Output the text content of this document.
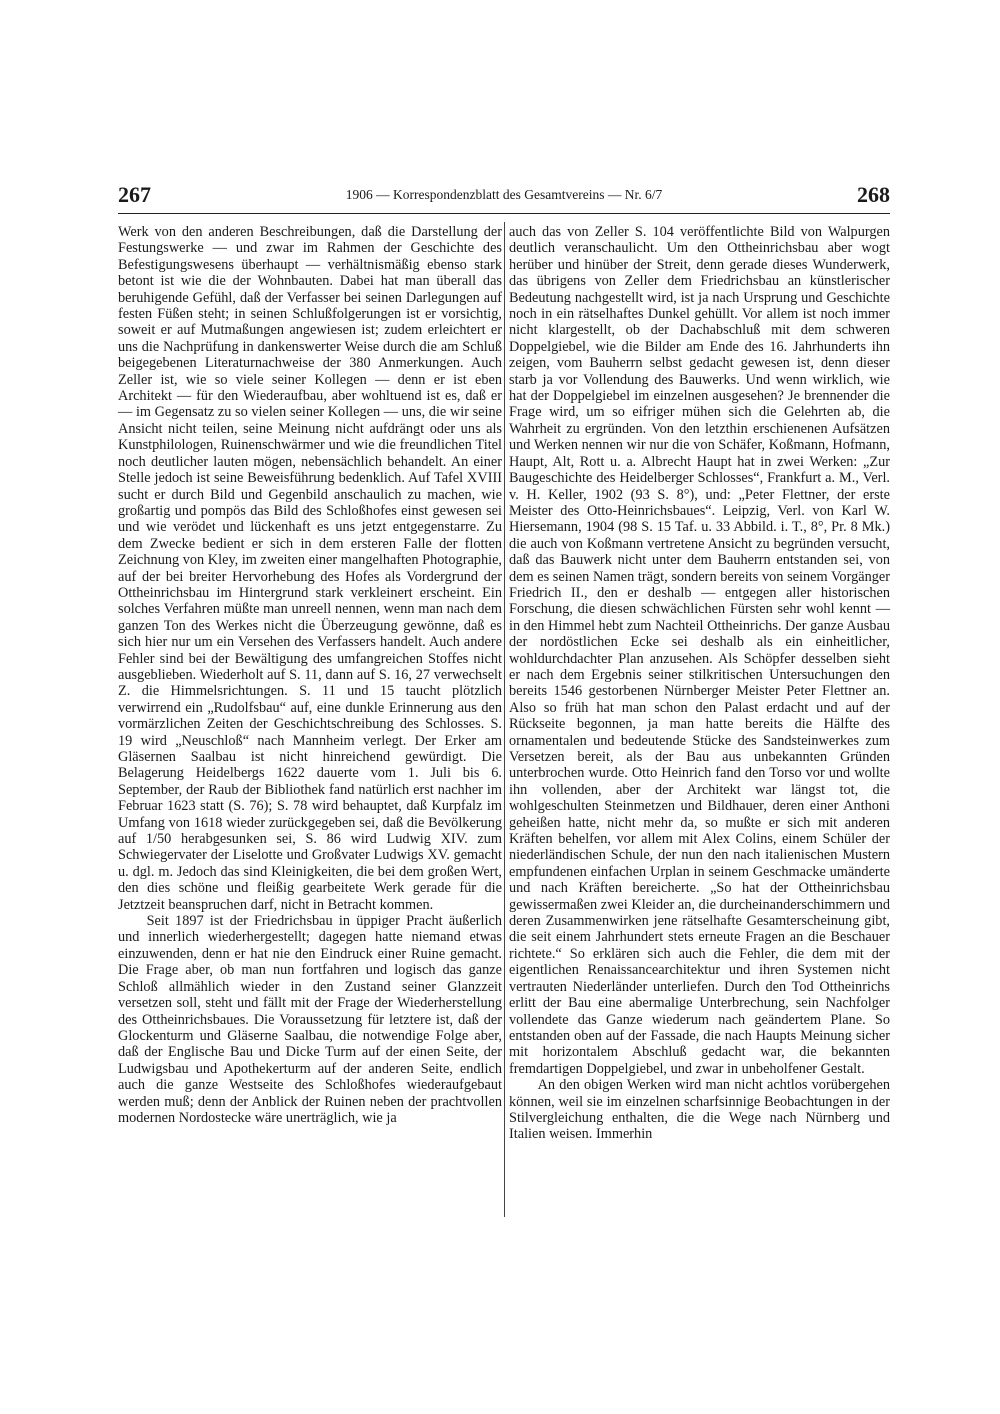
267	1906 — Korrespondenzblatt des Gesamtvereins — Nr. 6/7	268

Werk von den anderen Beschreibungen, daß die Darstellung der Festungswerke — und zwar im Rahmen der Geschichte des Befestigungswesens überhaupt — verhältnismäßig ebenso stark betont ist wie die der Wohnbauten. Dabei hat man überall das beruhigende Gefühl, daß der Verfasser bei seinen Darlegungen auf festen Füßen steht; in seinen Schlußfolgerungen ist er vorsichtig, soweit er auf Mutmaßungen angewiesen ist; zudem erleichtert er uns die Nachprüfung in dankenswerter Weise durch die am Schluß beigegebenen Literaturnachweise der 380 Anmerkungen. Auch Zeller ist, wie so viele seiner Kollegen — denn er ist eben Architekt — für den Wiederaufbau, aber wohltuend ist es, daß er — im Gegensatz zu so vielen seiner Kollegen — uns, die wir seine Ansicht nicht teilen, seine Meinung nicht aufdrängt oder uns als Kunstphilologen, Ruinenschwärmer und wie die freundlichen Titel noch deutlicher lauten mögen, nebensächlich behandelt. An einer Stelle jedoch ist seine Beweisführung bedenklich. Auf Tafel XVIII sucht er durch Bild und Gegenbild anschaulich zu machen, wie großartig und pompös das Bild des Schloßhofes einst gewesen sei und wie verödet und lückenhaft es uns jetzt entgegenstarre. Zu dem Zwecke bedient er sich in dem ersteren Falle der flotten Zeichnung von Kley, im zweiten einer mangelhaften Photographie, auf der bei breiter Hervorhebung des Hofes als Vordergrund der Ottheinrichsbau im Hintergrund stark verkleinert erscheint. Ein solches Verfahren müßte man unreell nennen, wenn man nach dem ganzen Ton des Werkes nicht die Überzeugung gewönne, daß es sich hier nur um ein Versehen des Verfassers handelt. Auch andere Fehler sind bei der Bewältigung des umfangreichen Stoffes nicht ausgeblieben. Wiederholt auf S. 11, dann auf S. 16, 27 verwechselt Z. die Himmelsrichtungen. S. 11 und 15 taucht plötzlich verwirrend ein „Rudolfsbau“ auf, eine dunkle Erinnerung aus den vormärzlichen Zeiten der Geschichtschreibung des Schlosses. S. 19 wird „Neuschloß“ nach Mannheim verlegt. Der Erker am Gläsernen Saalbau ist nicht hinreichend gewürdigt. Die Belagerung Heidelbergs 1622 dauerte vom 1. Juli bis 6. September, der Raub der Bibliothek fand natürlich erst nachher im Februar 1623 statt (S. 76); S. 78 wird behauptet, daß Kurpfalz im Umfang von 1618 wieder zurückgegeben sei, daß die Bevölkerung auf 1/50 herabgesunken sei, S. 86 wird Ludwig XIV. zum Schwiegervater der Liselotte und Großvater Ludwigs XV. gemacht u. dgl. m. Jedoch das sind Kleinigkeiten, die bei dem großen Wert, den dies schöne und fleißig gearbeitete Werk gerade für die Jetztzeit beanspruchen darf, nicht in Betracht kommen.

Seit 1897 ist der Friedrichsbau in üppiger Pracht äußerlich und innerlich wiederhergestellt; dagegen hatte niemand etwas einzuwenden, denn er hat nie den Eindruck einer Ruine gemacht. Die Frage aber, ob man nun fortfahren und logisch das ganze Schloß allmählich wieder in den Zustand seiner Glanzzeit versetzen soll, steht und fällt mit der Frage der Wiederherstellung des Ottheinrichsbaues. Die Voraussetzung für letztere ist, daß der Glockenturm und Gläserne Saalbau, die notwendige Folge aber, daß der Englische Bau und Dicke Turm auf der einen Seite, der Ludwigsbau und Apothekerturm auf der anderen Seite, endlich auch die ganze Westseite des Schloßhofes wiederaufgebaut werden muß; denn der Anblick der Ruinen neben der prachtvollen modernen Nordostecke wäre unerträglich, wie ja

auch das von Zeller S. 104 veröffentlichte Bild von Walpurgen deutlich veranschaulicht. Um den Ottheinrichsbau aber wogt herüber und hinüber der Streit, denn gerade dieses Wunderwerk, das übrigens von Zeller dem Friedrichsbau an künstlerischer Bedeutung nachgestellt wird, ist ja nach Ursprung und Geschichte noch in ein rätselhaftes Dunkel gehüllt. Vor allem ist noch immer nicht klargestellt, ob der Dachabschluß mit dem schweren Doppelgiebel, wie die Bilder am Ende des 16. Jahrhunderts ihn zeigen, vom Bauherrn selbst gedacht gewesen ist, denn dieser starb ja vor Vollendung des Bauwerks. Und wenn wirklich, wie hat der Doppelgiebel im einzelnen ausgesehen? Je brennender die Frage wird, um so eifriger mühen sich die Gelehrten ab, die Wahrheit zu ergründen. Von den letzthin erschienenen Aufsätzen und Werken nennen wir nur die von Schäfer, Koßmann, Hofmann, Haupt, Alt, Rott u. a. Albrecht Haupt hat in zwei Werken: „Zur Baugeschichte des Heidelberger Schlosses“, Frankfurt a. M., Verl. v. H. Keller, 1902 (93 S. 8°), und: „Peter Flettner, der erste Meister des Otto-Heinrichsbaues“. Leipzig, Verl. von Karl W. Hiersemann, 1904 (98 S. 15 Taf. u. 33 Abbild. i. T., 8°, Pr. 8 Mk.) die auch von Koßmann vertretene Ansicht zu begründen versucht, daß das Bauwerk nicht unter dem Bauherrn entstanden sei, von dem es seinen Namen trägt, sondern bereits von seinem Vorgänger Friedrich II., den er deshalb — entgegen aller historischen Forschung, die diesen schwächlichen Fürsten sehr wohl kennt — in den Himmel hebt zum Nachteil Ottheinrichs. Der ganze Ausbau der nordöstlichen Ecke sei deshalb als ein einheitlicher, wohldurchdachter Plan anzusehen. Als Schöpfer desselben sieht er nach dem Ergebnis seiner stilkritischen Untersuchungen den bereits 1546 gestorbenen Nürnberger Meister Peter Flettner an. Also so früh hat man schon den Palast erdacht und auf der Rückseite begonnen, ja man hatte bereits die Hälfte des ornamentalen und bedeutende Stücke des Sandsteinwerkes zum Versetzen bereit, als der Bau aus unbekannten Gründen unterbrochen wurde. Otto Heinrich fand den Torso vor und wollte ihn vollenden, aber der Architekt war längst tot, die wohlgeschulten Steinmetzen und Bildhauer, deren einer Anthoni geheißen hatte, nicht mehr da, so mußte er sich mit anderen Kräften behelfen, vor allem mit Alex Colins, einem Schüler der niederländischen Schule, der nun den nach italienischen Mustern empfundenen einfachen Urplan in seinem Geschmacke umänderte und nach Kräften bereicherte. „So hat der Ottheinrichsbau gewissermaßen zwei Kleider an, die durcheinanderschimmern und deren Zusammenwirken jene rätselhafte Gesamterscheinung gibt, die seit einem Jahrhundert stets erneute Fragen an die Beschauer richtete.“ So erklären sich auch die Fehler, die dem mit der eigentlichen Renaissancearchitektur und ihren Systemen nicht vertrauten Niederländer unterliefen. Durch den Tod Ottheinrichs erlitt der Bau eine abermalige Unterbrechung, sein Nachfolger vollendete das Ganze wiederum nach geändertem Plane. So entstanden oben auf der Fassade, die nach Haupts Meinung sicher mit horizontalem Abschluß gedacht war, die bekannten fremdartigen Doppelgiebel, und zwar in unbeholfener Gestalt.

An den obigen Werken wird man nicht achtlos vorübergehen können, weil sie im einzelnen scharfsinnige Beobachtungen in der Stilvergleichung enthalten, die die Wege nach Nürnberg und Italien weisen. Immerhin
